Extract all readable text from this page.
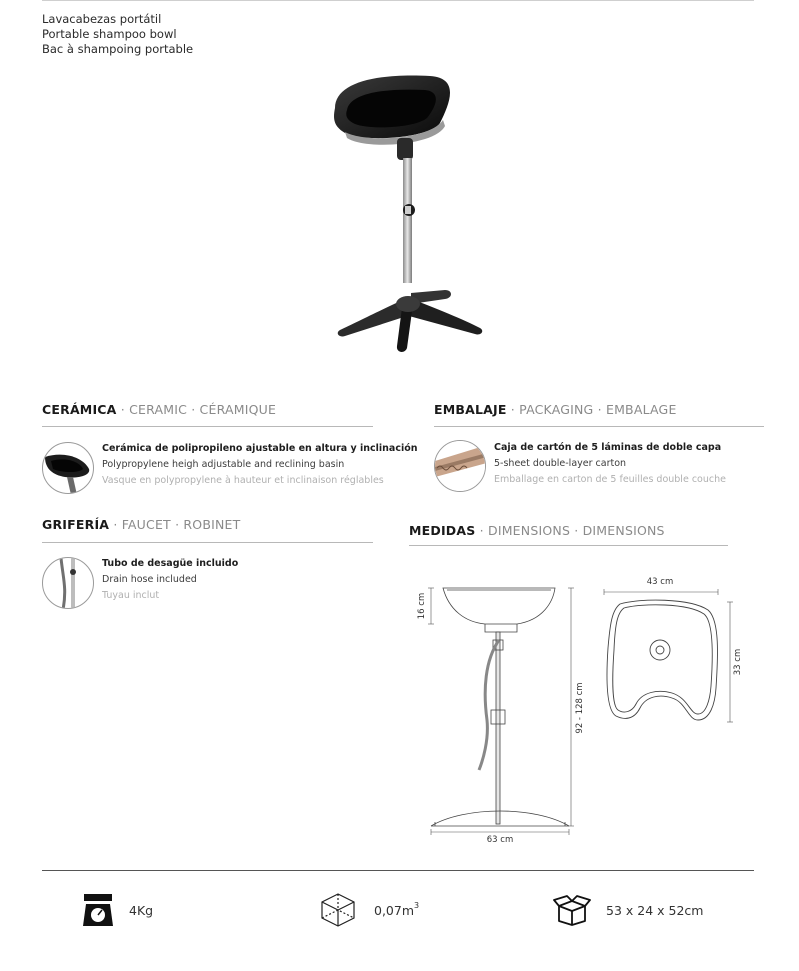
Lavacabezas portátil
Portable shampoo bowl
Bac à shampoing portable
CERÁMICA · CERAMIC · CÉRAMIQUE
Cerámica de polipropileno ajustable en altura y inclinación
Polypropylene heigh adjustable and reclining basin
Vasque en polypropylene à hauteur et inclinaison réglables
EMBALAJE · PACKAGING · EMBALAGE
Caja de cartón de 5 láminas de doble capa
5-sheet double-layer carton
Emballage en carton de 5 feuilles double couche
GRIFERÍA · FAUCET · ROBINET
Tubo de desagüe incluido
Drain hose included
Tuyau inclut
MEDIDAS · DIMENSIONS · DIMENSIONS
16 cm
92 - 128 cm
63 cm
43 cm
33 cm
4Kg	$0,07m^3$	53 x 24 x 52cm
